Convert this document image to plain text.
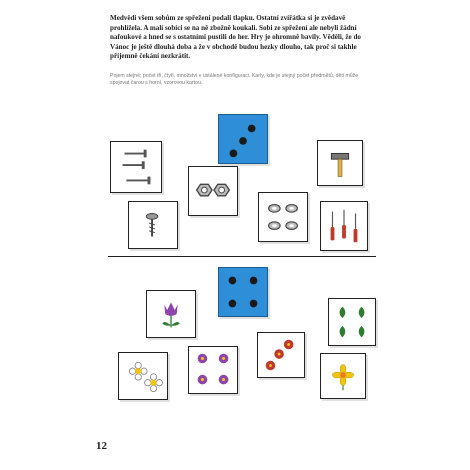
Medvědi všem sobům ze spřežení podali tlapku. Ostatní zvířátka si je zvědavě prohlížela. A malí sobíci se na ně zbožně koukali. Sobi ze spřežení ale nebyli žádní nafoukové a hned se s ostatními pustili do her. Hry je ohromně bavily. Věděli, že do Vánoc je ještě dlouhá doba a že v obchodě budou hezky dlouho, tak proč si takhle příjemně čekání nezkrátit.
Pojem stejné; počet tři, čtyři, množství v ustálené konfiguraci. Karty, kde je stejný počet předmětů, děti může spojovat čarou s horní, vzorovou kartou.
12
